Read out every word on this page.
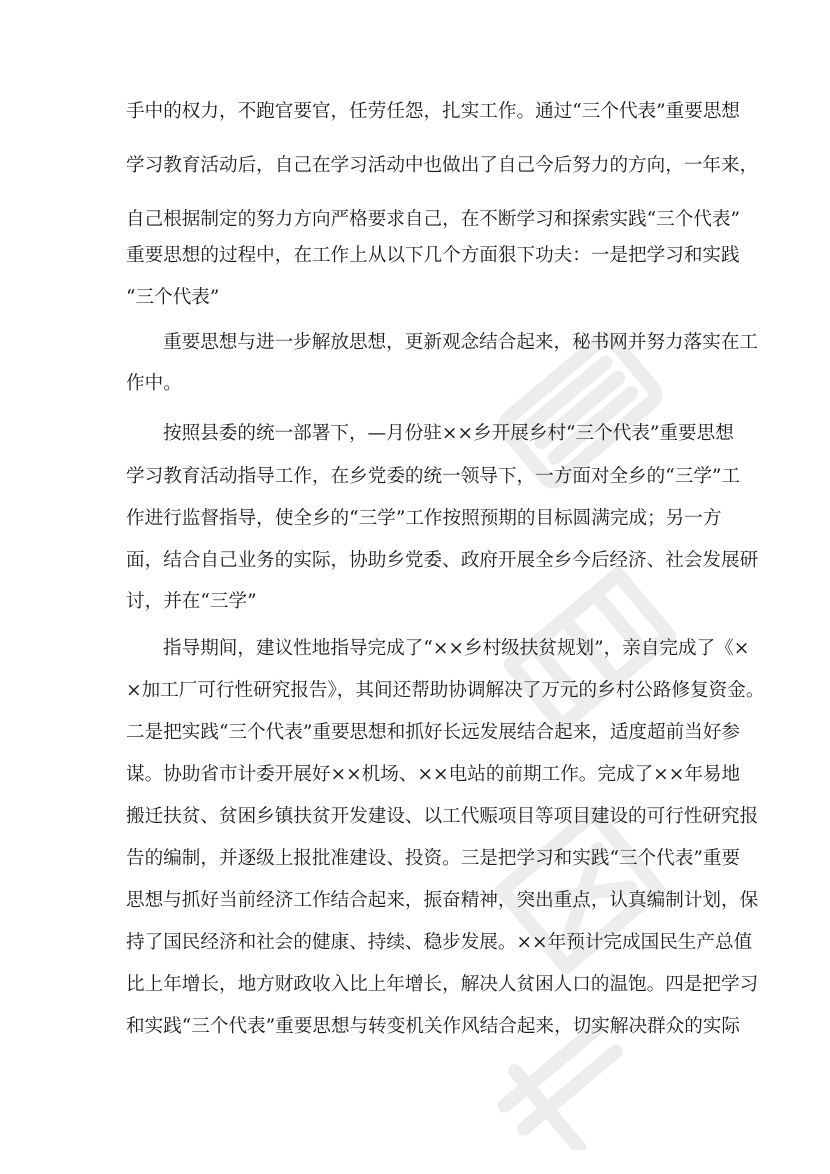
手中的权力，不跑官要官，任劳任怨，扎实工作。通过“三个代表”重要思想
学习教育活动后，自己在学习活动中也做出了自己今后努力的方向，一年来，
自己根据制定的努力方向严格要求自己，在不断学习和探索实践“三个代表”
重要思想的过程中，在工作上从以下几个方面狠下功夫：一是把学习和实践
“三个代表”
重要思想与进一步解放思想，更新观念结合起来，秘书网并努力落实在工
作中。
按照县委的统一部署下，—月份驻××乡开展乡村“三个代表”重要思想
学习教育活动指导工作，在乡党委的统一领导下，一方面对全乡的“三学”工
作进行监督指导，使全乡的“三学”工作按照预期的目标圆满完成；另一方
面，结合自己业务的实际，协助乡党委、政府开展全乡今后经济、社会发展研
讨，并在“三学”
指导期间，建议性地指导完成了“××乡村级扶贫规划”，亲自完成了《×
×加工厂可行性研究报告》，其间还帮助协调解决了万元的乡村公路修复资金。
二是把实践“三个代表”重要思想和抓好长远发展结合起来，适度超前当好参
谋。协助省市计委开展好××机场、××电站的前期工作。完成了××年易地
搬迁扶贫、贫困乡镇扶贫开发建设、以工代赈项目等项目建设的可行性研究报
告的编制，并逐级上报批准建设、投资。三是把学习和实践“三个代表”重要
思想与抓好当前经济工作结合起来，振奋精神，突出重点，认真编制计划，保
持了国民经济和社会的健康、持续、稳步发展。××年预计完成国民生产总值
比上年增长，地方财政收入比上年增长，解决人贫困人口的温饱。四是把学习
和实践“三个代表”重要思想与转变机关作风结合起来，切实解决群众的实际
